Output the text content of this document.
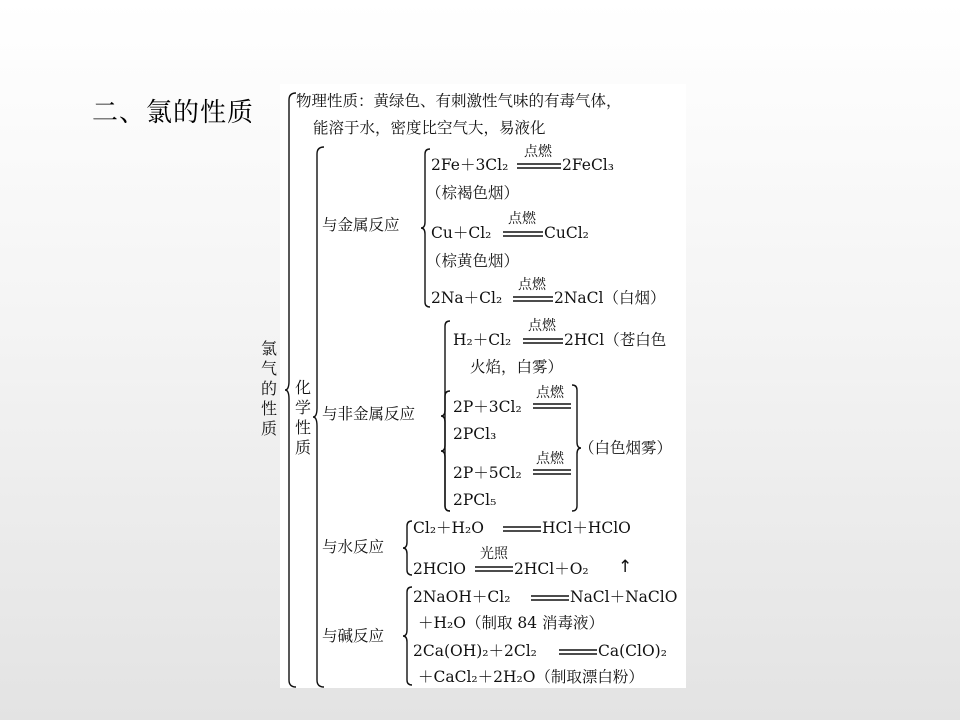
二、氯的性质
氯气的性质
物理性质：黄绿色、有刺激性气味的有毒气体，
能溶于水，密度比空气大，易液化
化学性质
与金属反应
2Fe＋3Cl₂
点燃
2FeCl₃
（棕褐色烟）
Cu＋Cl₂
点燃
CuCl₂
（棕黄色烟）
2Na＋Cl₂
点燃
2NaCl（白烟）
与非金属反应
H₂＋Cl₂
点燃
2HCl（苍白色
火焰，白雾）
2P＋3Cl₂
点燃
2PCl₃
2P＋5Cl₂
点燃
2PCl₅
（白色烟雾）
与水反应
Cl₂＋H₂O	HCl＋HClO
2HClO
光照
2HCl＋O₂ ↑
与碱反应
2NaOH＋Cl₂	NaCl＋NaClO
＋H₂O（制取 84 消毒液）
2Ca(OH)₂＋2Cl₂	Ca(ClO)₂
＋CaCl₂＋2H₂O（制取漂白粉）
